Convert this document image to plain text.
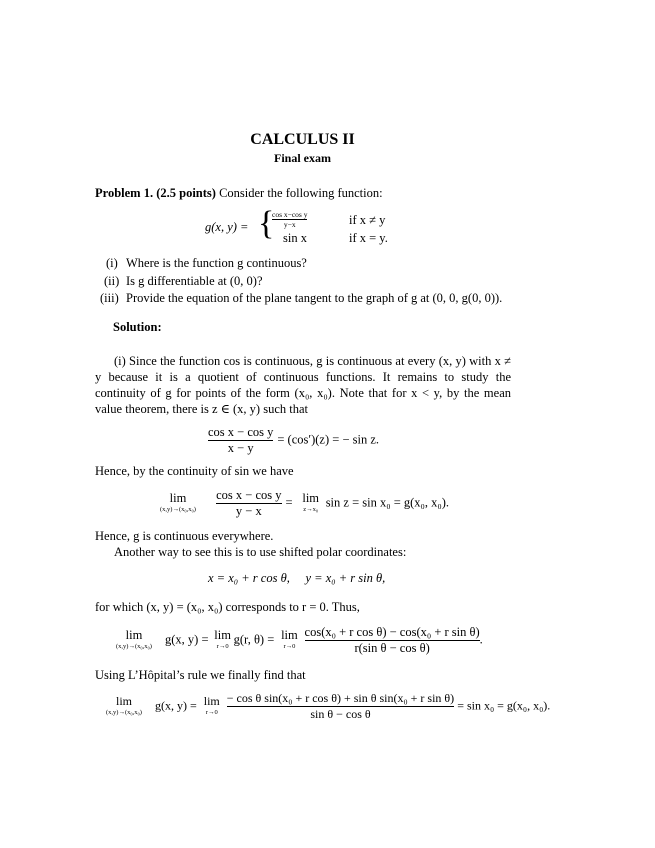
CALCULUS II
Final exam
Problem 1. (2.5 points) Consider the following function:
g(x, y) = {
$\frac{\text{cos x−cos y}}{y-x}$	if x ≠ y
sin x	if x = y.
(i) Where is the function g continuous?
(ii) Is g differentiable at (0, 0)?
(iii) Provide the equation of the plane tangent to the graph of g at (0, 0, g(0, 0)).
Solution:
(i) Since the function cos is continuous, g is continuous at every (x, y) with x ≠ y because it is a quotient of continuous functions. It remains to study the continuity of g for points of the form (x₀, x₀). Note that for x < y, by the mean value theorem, there is z ∈ (x, y) such that
$\frac{\text{cos x − cos y}}{x - y} = (\cos')(z)$ = − sin z.
Hence, by the continuity of sin we have
lim
(x,y)→(x₀,x₀)
	$\frac{\text{cos x − cos y}}{y - x} = \lim$
z→x₀ sin z = sin x₀ = g(x₀, x₀).
Hence, g is continuous everywhere.
Another way to see this is to use shifted polar coordinates:
x = x₀ + r cos θ,     y = x₀ + r sin θ,
for which (x, y) = (x₀, x₀) corresponds to r = 0. Thus,
lim
(x,y)→(x₀,x₀)	g(x, y) = lim
r→0 g(r, θ) = lim
r→0
$\frac{\text{cos(x₀ + r cos θ) − cos(x₀ + r sin θ)}}{\text{r(sin θ − cos θ)}}$ .
Using L’Hôpital’s rule we finally find that
lim
(x,y)→(x₀,x₀)	g(x, y) = lim
r→0
$\frac{\text{− cos θ sin(x₀ + r cos θ) + sin θ sin(x₀ + r sin θ)}}{\text{sin θ − cos θ}} = \sin x_0 = g(x_0$, x₀).
